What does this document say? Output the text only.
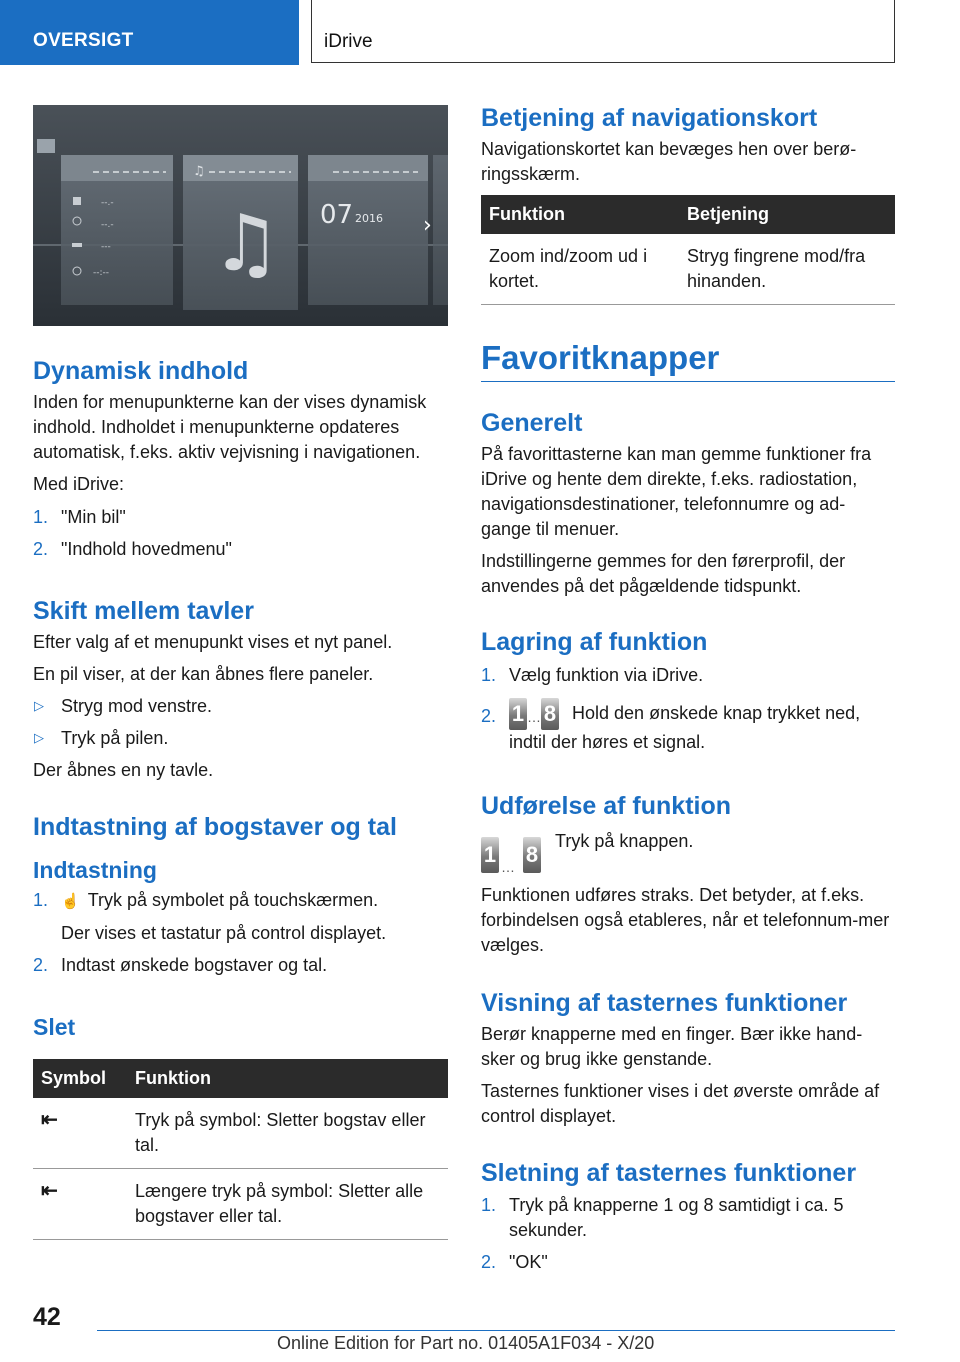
OVERSIGT	iDrive
--.-
--.-
---
--:--
♫
♫ 07 2016 ›
Dynamisk indhold

Inden for menupunkterne kan der vises dynamisk indhold. Indholdet i menupunkterne opdateres automatisk, f.eks. aktiv vejvisning i navigationen.

Med iDrive:

1. "Min bil"
2. "Indhold hovedmenu"
Skift mellem tavler

Efter valg af et menupunkt vises et nyt panel.

En pil viser, at der kan åbnes flere paneler.

▷ Stryg mod venstre.
▷ Tryk på pilen.

Der åbnes en ny tavle.

Indtastning af bogstaver og tal
Indtastning
1. ☝ Tryk på symbolet på touchskærmen.
Der vises et tastatur på control displayet.
2. Indtast ønskede bogstaver og tal.
Slet
Symbol	Funktion
⇤	Tryk på symbol: Sletter bogstav eller tal.
⇤	Længere tryk på symbol: Sletter alle bogstaver eller tal.
Betjening af navigationskort

Navigationskortet kan bevæges hen over berø‐ringsskærm.

Funktion	Betjening
Zoom ind/zoom ud i kortet.	Stryg fingrene mod/fra hinanden.
Favoritknapper
Generelt

På favorittasterne kan man gemme funktioner fra iDrive og hente dem direkte, f.eks. radiostation, navigationsdestinationer, telefonnumre og ad‐gange til menuer.

Indstillingerne gemmes for den førerprofil, der anvendes på det pågældende tidspunkt.

Lagring af funktion
1. Vælg funktion via iDrive.
2. 1 … 8 Hold den ønskede knap trykket ned, indtil der høres et signal.
Udførelse af funktion
1 … 8
Tryk på knappen.

Funktionen udføres straks. Det betyder, at f.eks. forbindelsen også etableres, når et telefonnum‐mer vælges.

Visning af tasternes funktioner

Berør knapperne med en finger. Bær ikke hand‐sker og brug ikke genstande.

Tasternes funktioner vises i det øverste område af control displayet.

Sletning af tasternes funktioner
1. Tryk på knapperne 1 og 8 samtidigt i ca. 5 sekunder.
2. "OK"
42
Online Edition for Part no. 01405A1F034 - X/20
